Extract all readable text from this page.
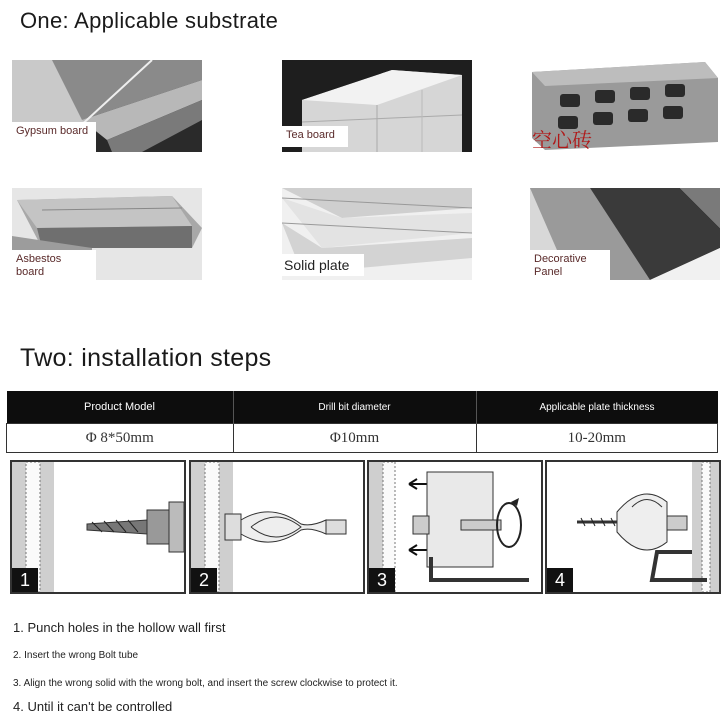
One: Applicable substrate
Gypsum board	Tea board	空心砖
Asbestos board	Solid plate	Decorative Panel
Two: installation steps
Product Model	Drill bit diameter	Applicable plate thickness
Φ 8*50mm	Φ10mm	10-20mm
1	2	3	4
1. Punch holes in the hollow wall first
2. Insert the wrong Bolt tube
3. Align the wrong solid with the wrong bolt, and insert the screw clockwise to protect it.
4. Until it can't be controlled
